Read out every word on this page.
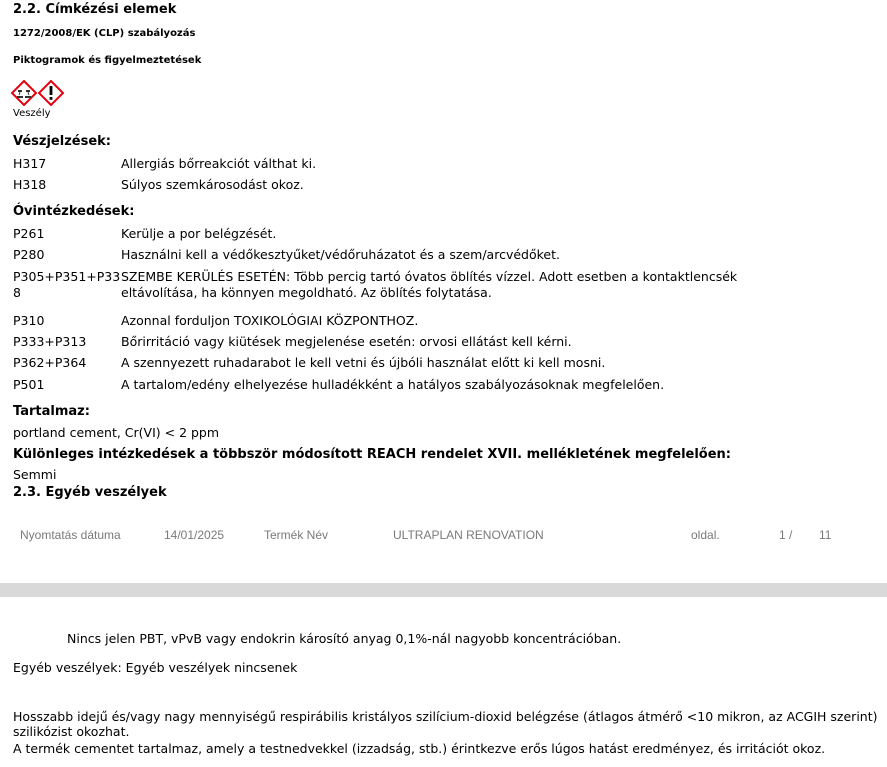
2.2. Címkézési elemek
1272/2008/EK (CLP) szabályozás
Piktogramok és figyelmeztetések
Veszély
Vészjelzések:
H317	Allergiás bőrreakciót válthat ki.
H318	Súlyos szemkárosodást okoz.
Óvintézkedések:
P261	Kerülje a por belégzését.
P280	Használni kell a védőkesztyűket/védőruházatot és a szem/arcvédőket.
P305+P351+P33 SZEMBE KERÜLÉS ESETÉN: Több percig tartó óvatos öblítés vízzel. Adott esetben a kontaktlencsék
8	eltávolítása, ha könnyen megoldható. Az öblítés folytatása.
P310	Azonnal forduljon TOXIKOLÓGIAI KÖZPONTHOZ.
P333+P313	Bőrirritáció vagy kiütések megjelenése esetén: orvosi ellátást kell kérni.
P362+P364	A szennyezett ruhadarabot le kell vetni és újbóli használat előtt ki kell mosni.
P501	A tartalom/edény elhelyezése hulladékként a hatályos szabályozásoknak megfelelően.
Tartalmaz:
portland cement, Cr(VI) < 2 ppm
Különleges intézkedések a többször módosított REACH rendelet XVII. mellékletének megfelelően:
Semmi
2.3. Egyéb veszélyek
Nyomtatás dátuma	14/01/2025	Termék Név	ULTRAPLAN RENOVATION	oldal.	1 / 11
Nincs jelen PBT, vPvB vagy endokrin károsító anyag 0,1%-nál nagyobb koncentrációban.
Egyéb veszélyek: Egyéb veszélyek nincsenek
Hosszabb idejű és/vagy nagy mennyiségű respirábilis kristályos szilícium-dioxid belégzése (átlagos átmérő <10 mikron, az ACGIH szerint)
szilikózist okozhat.
A termék cementet tartalmaz, amely a testnedvekkel (izzadság, stb.) érintkezve erős lúgos hatást eredményez, és irritációt okoz.
